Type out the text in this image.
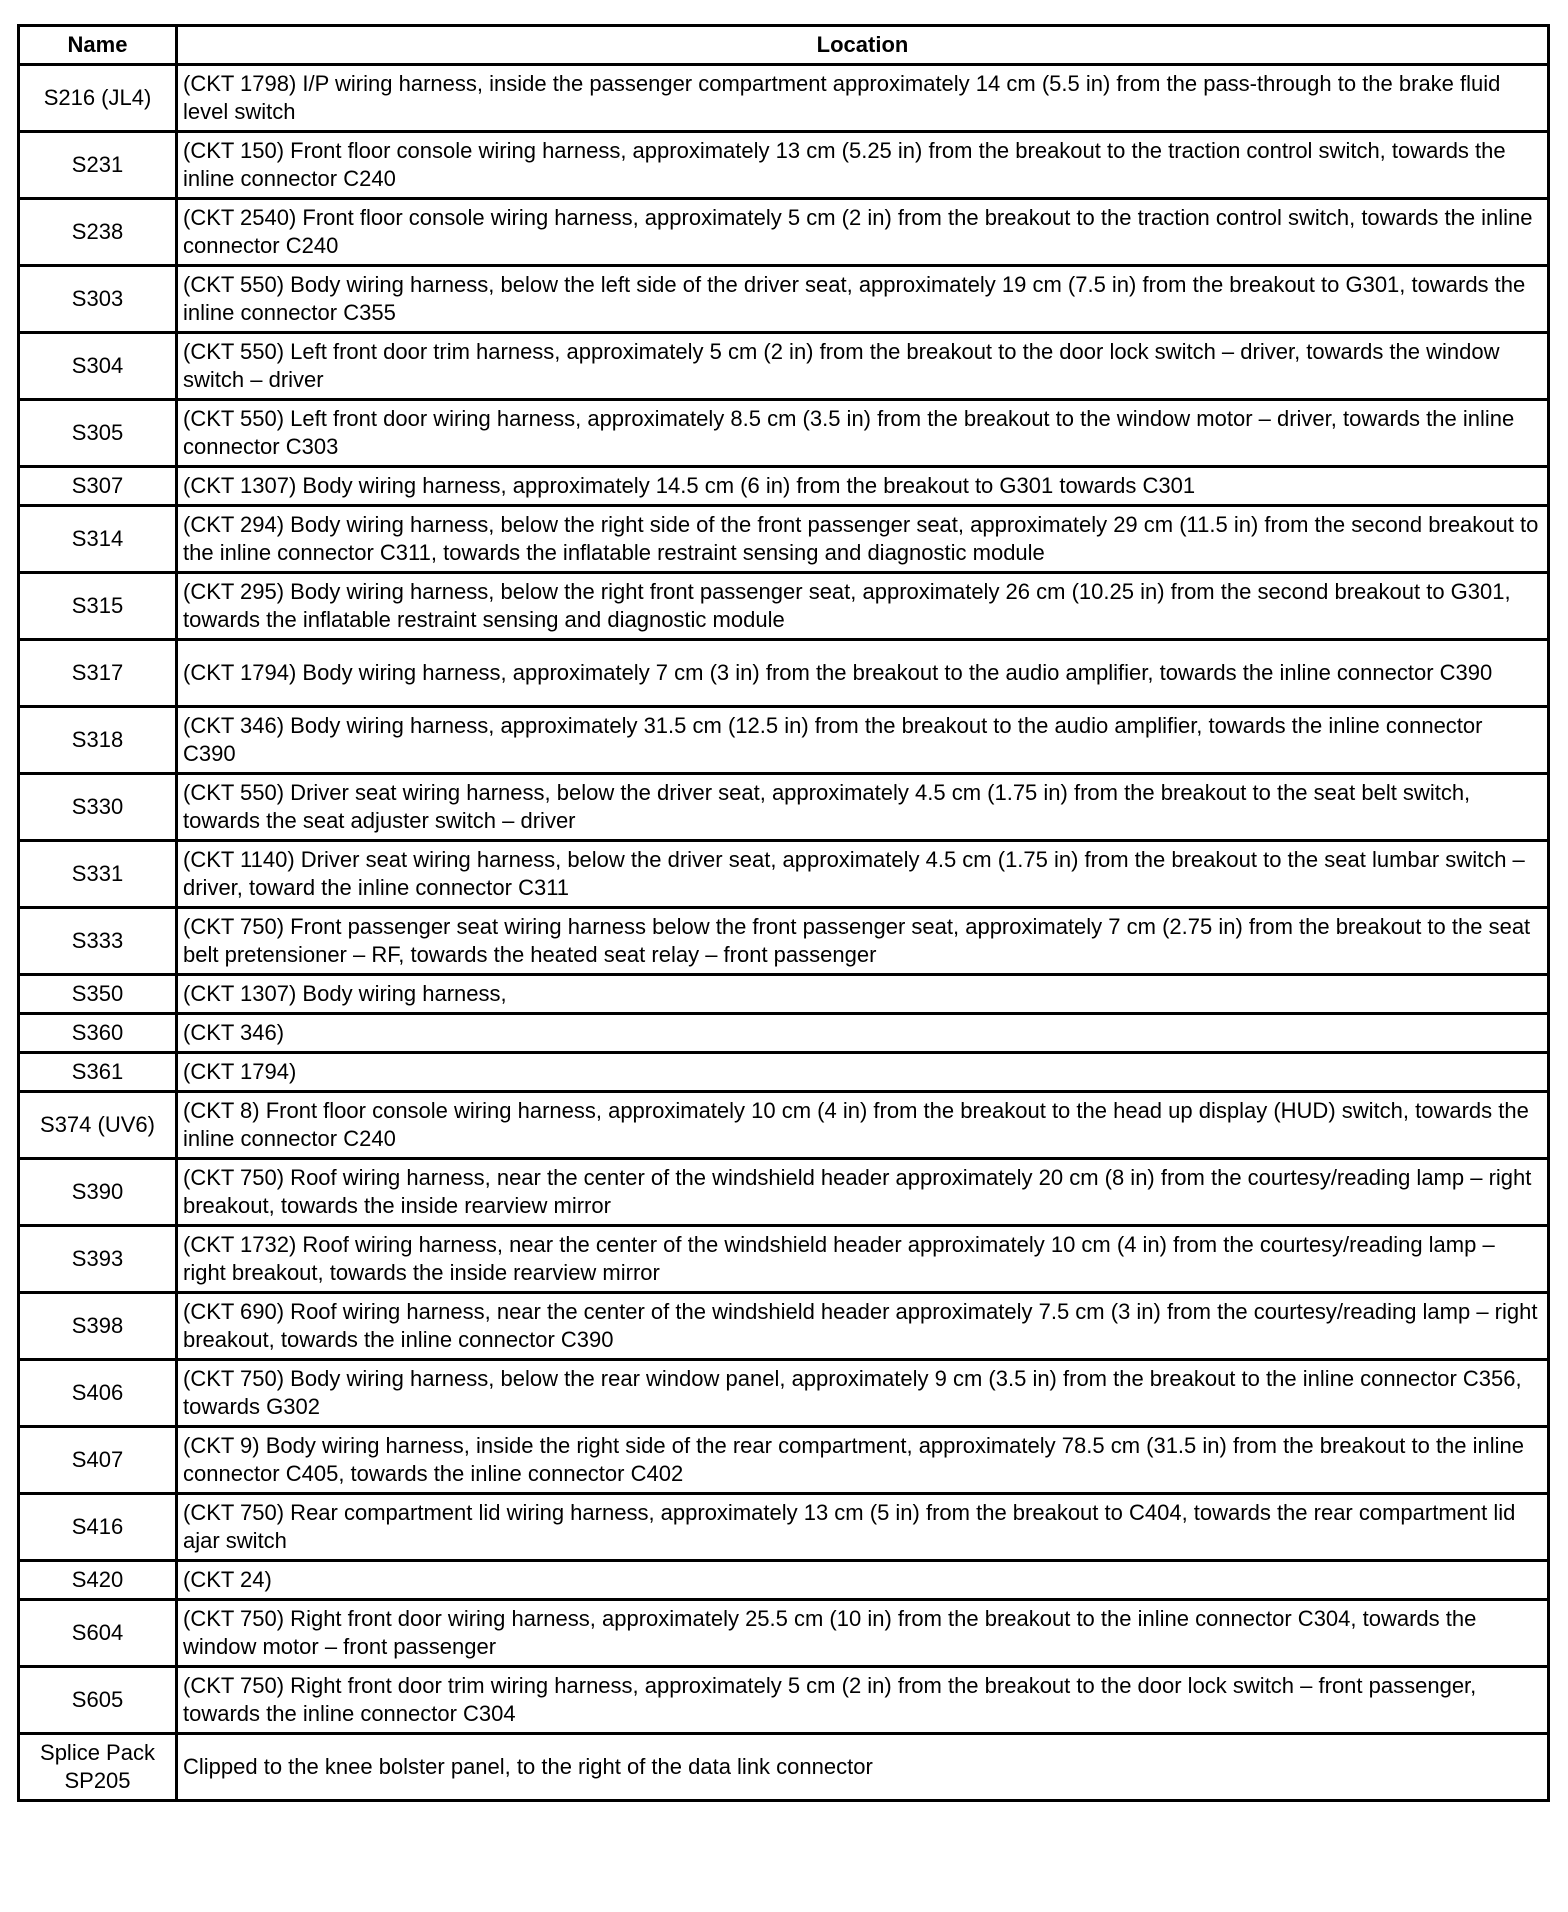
Name	Location
S216 (JL4)	(CKT 1798) I/P wiring harness, inside the passenger compartment approximately 14 cm (5.5 in) from the pass-through to the brake fluid level switch
S231	(CKT 150) Front floor console wiring harness, approximately 13 cm (5.25 in) from the breakout to the traction control switch, towards the inline connector C240
S238	(CKT 2540) Front floor console wiring harness, approximately 5 cm (2 in) from the breakout to the traction control switch, towards the inline connector C240
S303	(CKT 550) Body wiring harness, below the left side of the driver seat, approximately 19 cm (7.5 in) from the breakout to G301, towards the inline connector C355
S304	(CKT 550) Left front door trim harness, approximately 5 cm (2 in) from the breakout to the door lock switch – driver, towards the window switch – driver
S305	(CKT 550) Left front door wiring harness, approximately 8.5 cm (3.5 in) from the breakout to the window motor – driver, towards the inline connector C303
S307	(CKT 1307) Body wiring harness, approximately 14.5 cm (6 in) from the breakout to G301 towards C301
S314	(CKT 294) Body wiring harness, below the right side of the front passenger seat, approximately 29 cm (11.5 in) from the second breakout to the inline connector C311, towards the inflatable restraint sensing and diagnostic module
S315	(CKT 295) Body wiring harness, below the right front passenger seat, approximately 26 cm (10.25 in) from the second breakout to G301, towards the inflatable restraint sensing and diagnostic module
S317	(CKT 1794) Body wiring harness, approximately 7 cm (3 in) from the breakout to the audio amplifier, towards the inline connector C390
S318	(CKT 346) Body wiring harness, approximately 31.5 cm (12.5 in) from the breakout to the audio amplifier, towards the inline connector C390
S330	(CKT 550) Driver seat wiring harness, below the driver seat, approximately 4.5 cm (1.75 in) from the breakout to the seat belt switch, towards the seat adjuster switch – driver
S331	(CKT 1140) Driver seat wiring harness, below the driver seat, approximately 4.5 cm (1.75 in) from the breakout to the seat lumbar switch – driver, toward the inline connector C311
S333	(CKT 750) Front passenger seat wiring harness below the front passenger seat, approximately 7 cm (2.75 in) from the breakout to the seat belt pretensioner – RF, towards the heated seat relay – front passenger
S350	(CKT 1307) Body wiring harness,
S360	(CKT 346)
S361	(CKT 1794)
S374 (UV6)	(CKT 8) Front floor console wiring harness, approximately 10 cm (4 in) from the breakout to the head up display (HUD) switch, towards the inline connector C240
S390	(CKT 750) Roof wiring harness, near the center of the windshield header approximately 20 cm (8 in) from the courtesy/reading lamp – right breakout, towards the inside rearview mirror
S393	(CKT 1732) Roof wiring harness, near the center of the windshield header approximately 10 cm (4 in) from the courtesy/reading lamp – right breakout, towards the inside rearview mirror
S398	(CKT 690) Roof wiring harness, near the center of the windshield header approximately 7.5 cm (3 in) from the courtesy/reading lamp – right breakout, towards the inline connector C390
S406	(CKT 750) Body wiring harness, below the rear window panel, approximately 9 cm (3.5 in) from the breakout to the inline connector C356, towards G302
S407	(CKT 9) Body wiring harness, inside the right side of the rear compartment, approximately 78.5 cm (31.5 in) from the breakout to the inline connector C405, towards the inline connector C402
S416	(CKT 750) Rear compartment lid wiring harness, approximately 13 cm (5 in) from the breakout to C404, towards the rear compartment lid ajar switch
S420	(CKT 24)
S604	(CKT 750) Right front door wiring harness, approximately 25.5 cm (10 in) from the breakout to the inline connector C304, towards the window motor – front passenger
S605	(CKT 750) Right front door trim wiring harness, approximately 5 cm (2 in) from the breakout to the door lock switch – front passenger, towards the inline connector C304
Splice Pack SP205	Clipped to the knee bolster panel, to the right of the data link connector
